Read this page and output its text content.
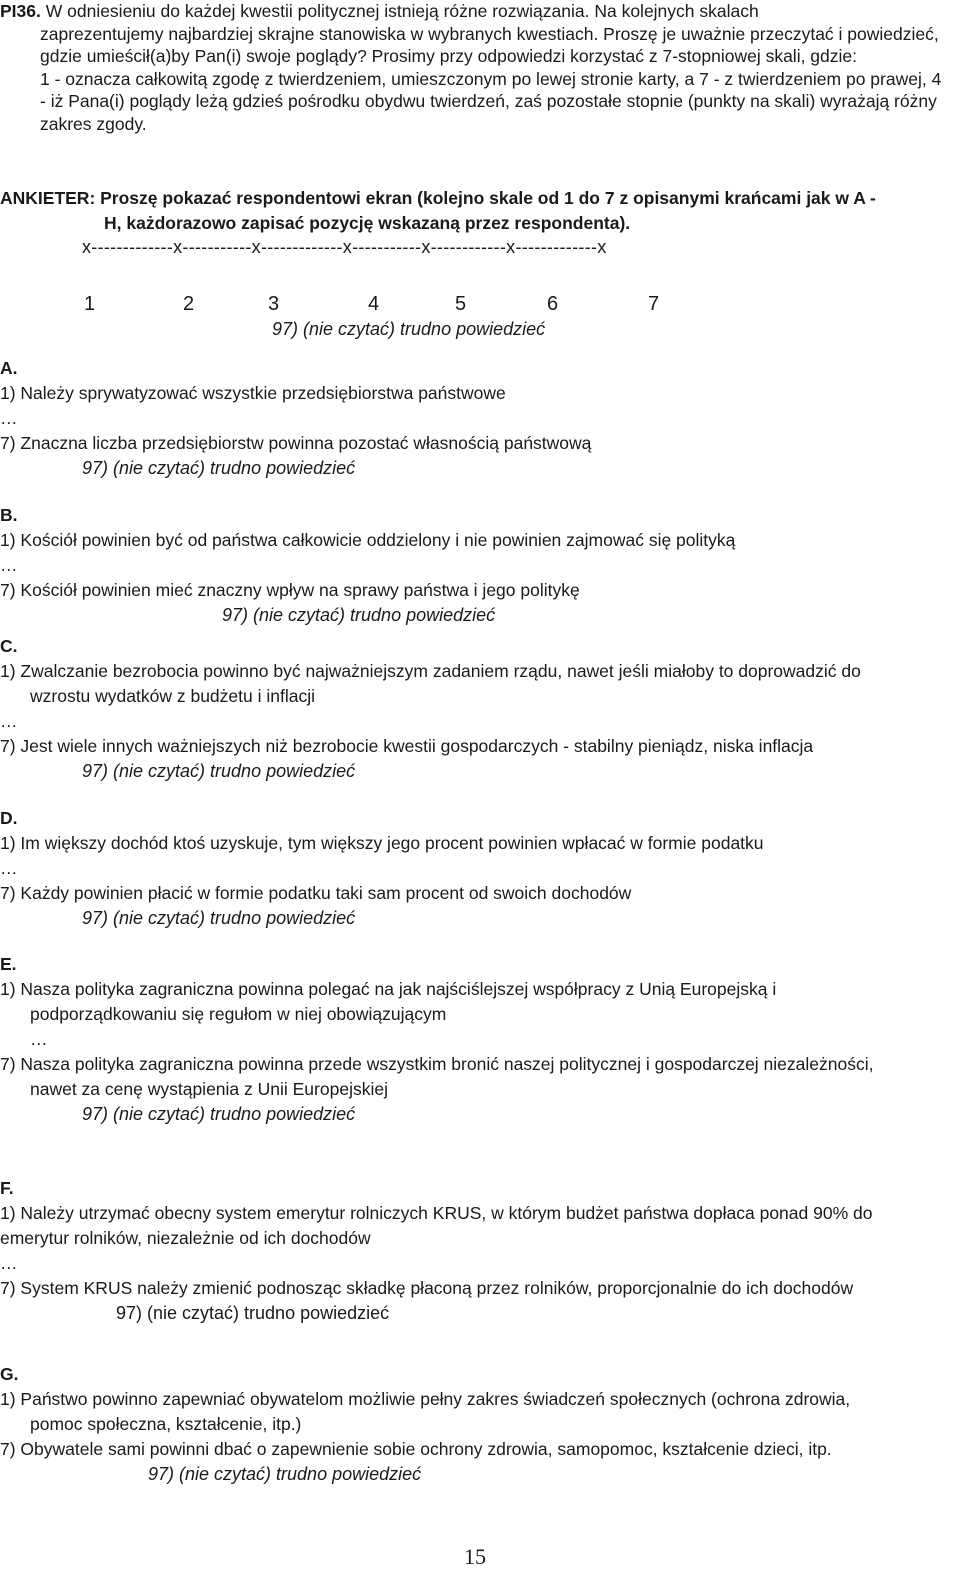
PI36. W odniesieniu do każdej kwestii politycznej istnieją różne rozwiązania. Na kolejnych skalach
zaprezentujemy najbardziej skrajne stanowiska w wybranych kwestiach. Proszę je uważnie przeczytać i powiedzieć, gdzie umieścił(a)by Pan(i) swoje poglądy? Prosimy przy odpowiedzi korzystać z 7-stopniowej skali, gdzie:
1 - oznacza całkowitą zgodę z twierdzeniem, umieszczonym po lewej stronie karty, a 7 - z twierdzeniem po prawej, 4 - iż Pana(i) poglądy leżą gdzieś pośrodku obydwu twierdzeń, zaś pozostałe stopnie (punkty na skali) wyrażają różny zakres zgody.
ANKIETER: Proszę pokazać respondentowi ekran (kolejno skale od 1 do 7 z opisanymi krańcami jak w A -
H, każdorazowo zapisać pozycję wskazaną przez respondenta).
x-------------x-----------x-------------x-----------x------------x-------------x
1	2	3	4	5	6	7
97) (nie czytać) trudno powiedzieć
A.
1) Należy sprywatyzować wszystkie przedsiębiorstwa państwowe
…
7) Znaczna liczba przedsiębiorstw powinna pozostać własnością państwową
97) (nie czytać) trudno powiedzieć
B.
1) Kościół powinien być od państwa całkowicie oddzielony i nie powinien zajmować się polityką
…
7) Kościół powinien mieć znaczny wpływ na sprawy państwa i jego politykę
97) (nie czytać) trudno powiedzieć
C.
1) Zwalczanie bezrobocia powinno być najważniejszym zadaniem rządu, nawet jeśli miałoby to doprowadzić do
wzrostu wydatków z budżetu i inflacji
…
7) Jest wiele innych ważniejszych niż bezrobocie kwestii gospodarczych - stabilny pieniądz, niska inflacja
97) (nie czytać) trudno powiedzieć
D.
1) Im większy dochód ktoś uzyskuje, tym większy jego procent powinien wpłacać w formie podatku
…
7) Każdy powinien płacić w formie podatku taki sam procent od swoich dochodów
97) (nie czytać) trudno powiedzieć
E.
1) Nasza polityka zagraniczna powinna polegać na jak najściślejszej współpracy z Unią Europejską i
podporządkowaniu się regułom w niej obowiązującym
…
7) Nasza polityka zagraniczna powinna przede wszystkim bronić naszej politycznej i gospodarczej niezależności,
nawet za cenę wystąpienia z Unii Europejskiej
97) (nie czytać) trudno powiedzieć
F.
1) Należy utrzymać obecny system emerytur rolniczych KRUS, w którym budżet państwa dopłaca ponad 90% do
emerytur rolników, niezależnie od ich dochodów
…
7) System KRUS należy zmienić podnosząc składkę płaconą przez rolników, proporcjonalnie do ich dochodów
97) (nie czytać) trudno powiedzieć
G.
1) Państwo powinno zapewniać obywatelom możliwie pełny zakres świadczeń społecznych (ochrona zdrowia,
pomoc społeczna, kształcenie, itp.)
7) Obywatele sami powinni dbać o zapewnienie sobie ochrony zdrowia, samopomoc, kształcenie dzieci, itp.
97) (nie czytać) trudno powiedzieć
15
